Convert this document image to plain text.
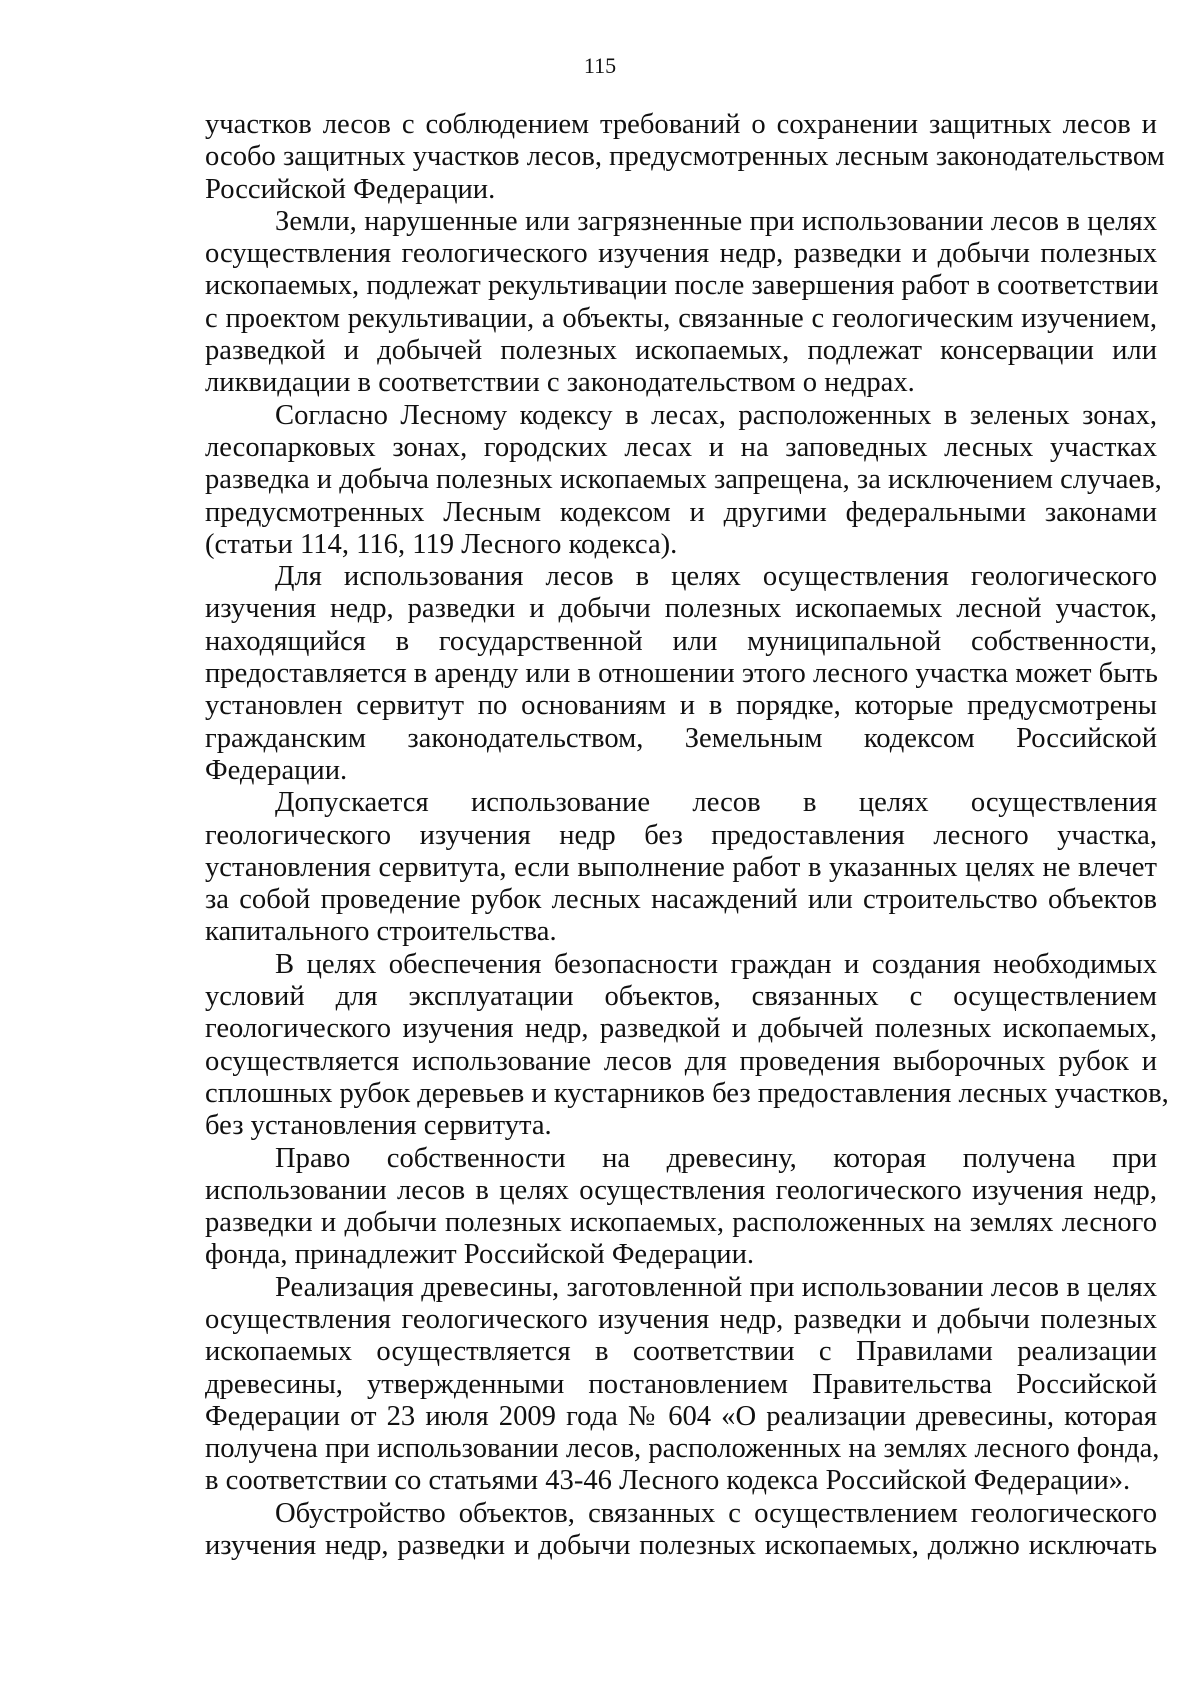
115
участков лесов с соблюдением требований о сохранении защитных лесов и
особо защитных участков лесов, предусмотренных лесным законодательством
Российской Федерации.
Земли, нарушенные или загрязненные при использовании лесов в целях
осуществления геологического изучения недр, разведки и добычи полезных
ископаемых, подлежат рекультивации после завершения работ в соответствии
с проектом рекультивации, а объекты, связанные с геологическим изучением,
разведкой и добычей полезных ископаемых, подлежат консервации или
ликвидации в соответствии с законодательством о недрах.
Согласно Лесному кодексу в лесах, расположенных в зеленых зонах,
лесопарковых зонах, городских лесах и на заповедных лесных участках
разведка и добыча полезных ископаемых запрещена, за исключением случаев,
предусмотренных Лесным кодексом и другими федеральными законами
(статьи 114, 116, 119 Лесного кодекса).
Для использования лесов в целях осуществления геологического
изучения недр, разведки и добычи полезных ископаемых лесной участок,
находящийся в государственной или муниципальной собственности,
предоставляется в аренду или в отношении этого лесного участка может быть
установлен сервитут по основаниям и в порядке, которые предусмотрены
гражданским законодательством, Земельным кодексом Российской
Федерации.
Допускается использование лесов в целях осуществления
геологического изучения недр без предоставления лесного участка,
установления сервитута, если выполнение работ в указанных целях не влечет
за собой проведение рубок лесных насаждений или строительство объектов
капитального строительства.
В целях обеспечения безопасности граждан и создания необходимых
условий для эксплуатации объектов, связанных с осуществлением
геологического изучения недр, разведкой и добычей полезных ископаемых,
осуществляется использование лесов для проведения выборочных рубок и
сплошных рубок деревьев и кустарников без предоставления лесных участков,
без установления сервитута.
Право собственности на древесину, которая получена при
использовании лесов в целях осуществления геологического изучения недр,
разведки и добычи полезных ископаемых, расположенных на землях лесного
фонда, принадлежит Российской Федерации.
Реализация древесины, заготовленной при использовании лесов в целях
осуществления геологического изучения недр, разведки и добычи полезных
ископаемых осуществляется в соответствии с Правилами реализации
древесины, утвержденными постановлением Правительства Российской
Федерации от 23 июля 2009 года № 604 «О реализации древесины, которая
получена при использовании лесов, расположенных на землях лесного фонда,
в соответствии со статьями 43-46 Лесного кодекса Российской Федерации».
Обустройство объектов, связанных с осуществлением геологического
изучения недр, разведки и добычи полезных ископаемых, должно исключать
